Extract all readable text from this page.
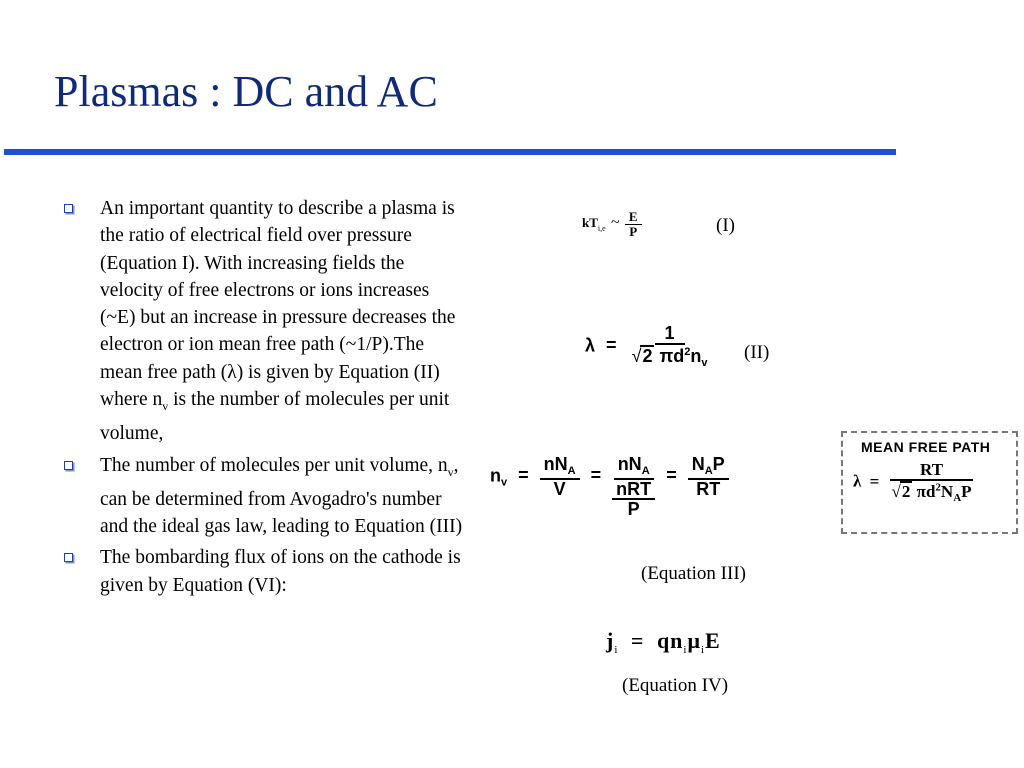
Plasmas : DC and AC
An important quantity to describe a plasma is the ratio of electrical field over pressure (Equation I). With increasing fields the velocity of free electrons or ions increases (~E) but an increase in pressure decreases the electron or ion mean free path (~1/P).The mean free path (λ) is given by Equation (II) where $n_v$ is the number of molecules per unit volume,
The number of molecules per unit volume, $n_v$, can be determined from Avogadro's number and the ideal gas law, leading to Equation (III)
The bombarding flux of ions on the cathode is given by Equation (VI):
$kT_{i,e}$ ~ $\frac{E}{P}$	(I)
$\lambda = \frac{1}{√ 2 \pi d^2n_v} (II)$
$n_v = \frac{nN_A}{V}$ =
$nN_A$
nRT
P
= $\frac{N_AP}{RT}$
(Equation III)
MEAN FREE PATH
$\lambda = \frac{RT}{√ 2 \pi d^2N_AP}$
$j_i = qn_i\mu_iE$
(Equation IV)
